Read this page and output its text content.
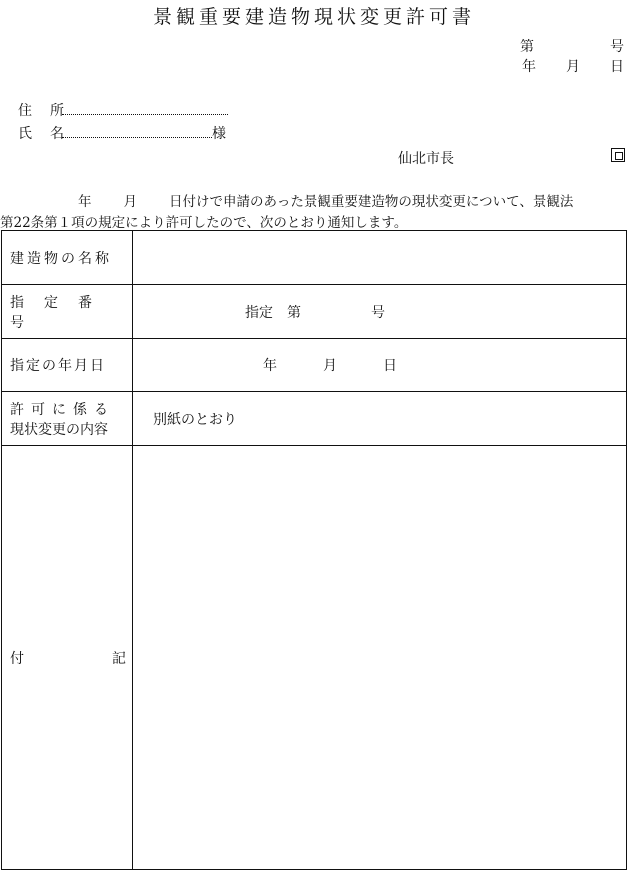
景観重要建造物現状変更許可書
第	号
年 月 日
住　所
氏　名	様
仙北市長
年 月 日付けで申請のあった景観重要建造物の現状変更について、景観法
第22条第１項の規定により許可したので、次のとおり通知します。
建造物の名称	

指定番号	指定　第 号
指定の年月日	年 月 日

許可に係る
現状変更の内容	別紙のとおり

付 記	
